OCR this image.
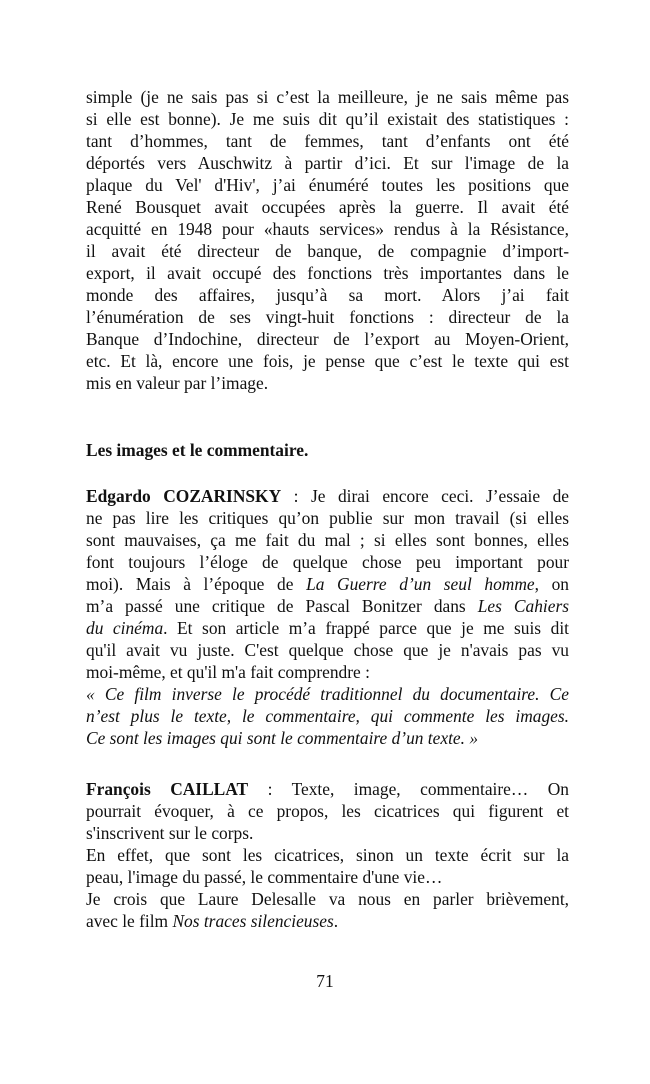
simple (je ne sais pas si c’est la meilleure, je ne sais même pas
si elle est bonne). Je me suis dit qu’il existait des statistiques :
tant d’hommes, tant de femmes, tant d’enfants ont été
déportés vers Auschwitz à partir d’ici. Et sur l'image de la
plaque du Vel' d'Hiv', j’ai énuméré toutes les positions que
René Bousquet avait occupées après la guerre. Il avait été
acquitté en 1948 pour «hauts services» rendus à la Résistance,
il avait été directeur de banque, de compagnie d’import-
export, il avait occupé des fonctions très importantes dans le
monde des affaires, jusqu’à sa mort. Alors j’ai fait
l’énumération de ses vingt-huit fonctions : directeur de la
Banque d’Indochine, directeur de l’export au Moyen-Orient,
etc. Et là, encore une fois, je pense que c’est le texte qui est
mis en valeur par l’image.
Les images et le commentaire.
Edgardo COZARINSKY : Je dirai encore ceci. J’essaie de
ne pas lire les critiques qu’on publie sur mon travail (si elles
sont mauvaises, ça me fait du mal ; si elles sont bonnes, elles
font toujours l’éloge de quelque chose peu important pour
moi). Mais à l’époque de La Guerre d’un seul homme, on
m’a passé une critique de Pascal Bonitzer dans Les Cahiers
du cinéma. Et son article m’a frappé parce que je me suis dit
qu'il avait vu juste. C'est quelque chose que je n'avais pas vu
moi-même, et qu'il m'a fait comprendre :
« Ce film inverse le procédé traditionnel du documentaire. Ce
n’est plus le texte, le commentaire, qui commente les images.
Ce sont les images qui sont le commentaire d’un texte. »
François CAILLAT : Texte, image, commentaire… On
pourrait évoquer, à ce propos, les cicatrices qui figurent et
s'inscrivent sur le corps.
En effet, que sont les cicatrices, sinon un texte écrit sur la
peau, l'image du passé, le commentaire d'une vie…
Je crois que Laure Delesalle va nous en parler brièvement,
avec le film Nos traces silencieuses.
71
